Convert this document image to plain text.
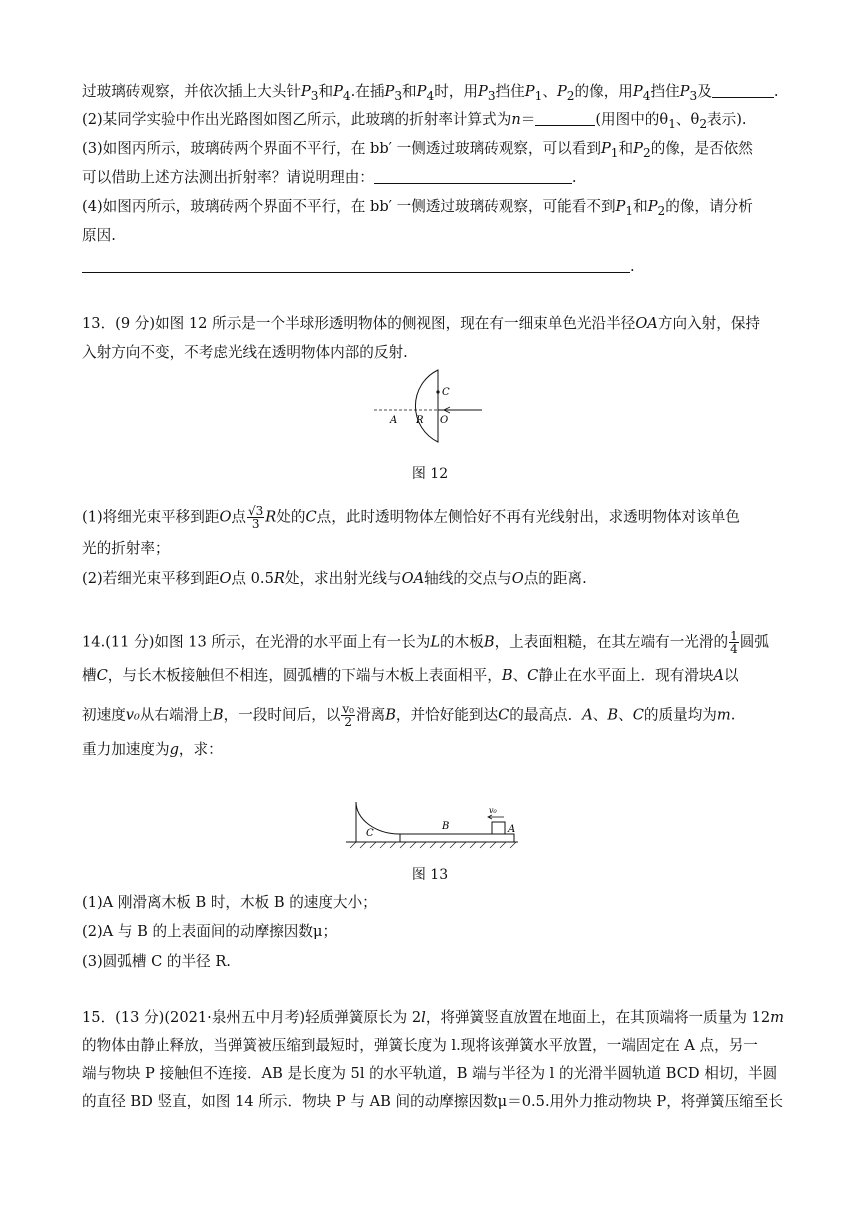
过玻璃砖观察，并依次插上大头针$P_3$和$P_4$.在插$P_3$和$P_4$时，用$P_3$挡住$P_1$、$P_2$的像，用$P_4$挡住$P_3$及	.
(2)某同学实验中作出光路图如图乙所示，此玻璃的折射率计算式为n＝	(用图中的$\theta_1$、$\theta_2$表示).
(3)如图丙所示，玻璃砖两个界面不平行，在 bb′ 一侧透过玻璃砖观察，可以看到$P_1$和$P_2$的像，是否依然
可以借助上述方法测出折射率？请说明理由：	.
(4)如图丙所示，玻璃砖两个界面不平行，在 bb′ 一侧透过玻璃砖观察，可能看不到$P_1$和$P_2$的像，请分析
原因.
.
13．(9 分)如图 12 所示是一个半球形透明物体的侧视图，现在有一细束单色光沿半径OA方向入射，保持
入射方向不变，不考虑光线在透明物体内部的反射.
C
A R O
图 12
(1)将细光束平移到距O点 $\frac{√3}{3}$ R处的C点，此时透明物体左侧恰好不再有光线射出，求透明物体对该单色
光的折射率；
(2)若细光束平移到距O点 0.5R处，求出射光线与OA轴线的交点与O点的距离.
14.(11 分)如图 13 所示，在光滑的水平面上有一长为L的木板B，上表面粗糙，在其左端有一光滑的 $\frac{1}{4}$ 圆弧
槽C，与长木板接触但不相连，圆弧槽的下端与木板上表面相平，B、C静止在水平面上．现有滑块A以
初速度v₀从右端滑上B，一段时间后，以 $\frac{\text{v₀}}{2}$ 滑离B，并恰好能到达C的最高点．A、B、C的质量均为m.
重力加速度为g，求：
C
B	A
v₀
图 13
(1)A 刚滑离木板 B 时，木板 B 的速度大小；
(2)A 与 B 的上表面间的动摩擦因数μ；
(3)圆弧槽 C 的半径 R.
15．(13 分)(2021·泉州五中月考)轻质弹簧原长为 2l，将弹簧竖直放置在地面上，在其顶端将一质量为 12m
的物体由静止释放，当弹簧被压缩到最短时，弹簧长度为 l.现将该弹簧水平放置，一端固定在 A 点，另一
端与物块 P 接触但不连接．AB 是长度为 5l 的水平轨道，B 端与半径为 l 的光滑半圆轨道 BCD 相切，半圆
的直径 BD 竖直，如图 14 所示．物块 P 与 AB 间的动摩擦因数μ＝0.5.用外力推动物块 P，将弹簧压缩至长
